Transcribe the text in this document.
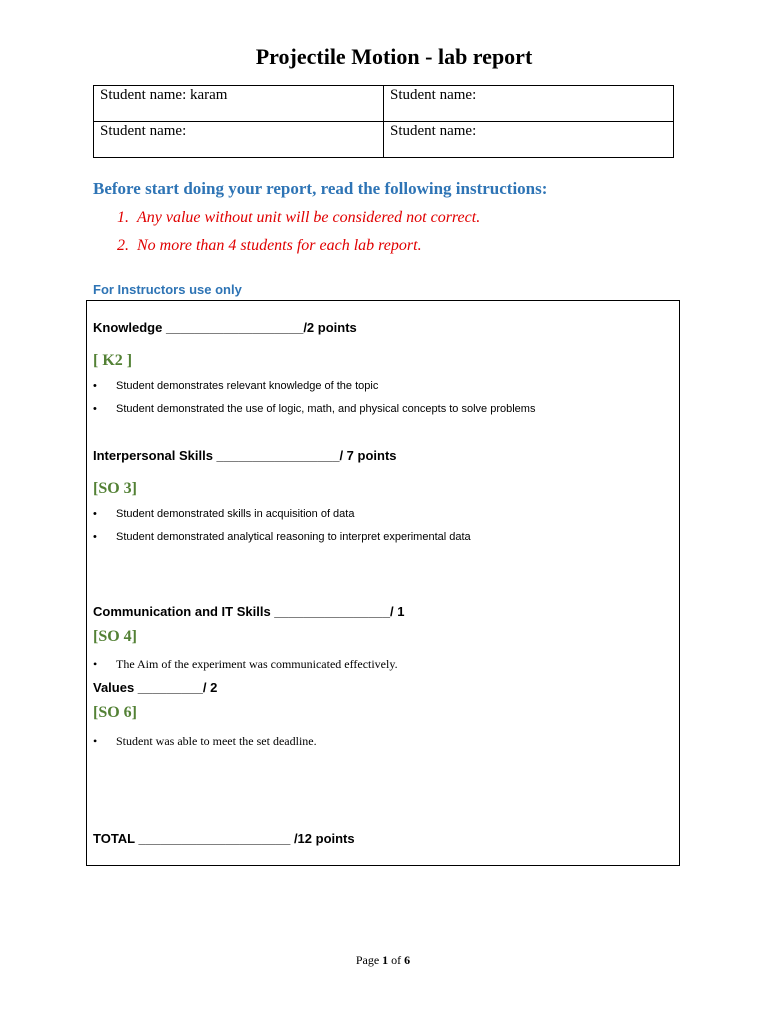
Projectile Motion - lab report
Student name: karam	Student name:
Student name:	Student name:
Before start doing your report, read the following instructions:
1. Any value without unit will be considered not correct.
2. No more than 4 students for each lab report.
For Instructors use only
Knowledge ___________________/2 points
[ K2 ]
• Student demonstrates relevant knowledge of the topic
• Student demonstrated the use of logic, math, and physical concepts to solve problems
Interpersonal Skills _________________/ 7 points
[SO 3]
• Student demonstrated skills in acquisition of data
• Student demonstrated analytical reasoning to interpret experimental data
Communication and IT Skills ________________/ 1
[SO 4]
• The Aim of the experiment was communicated effectively.
Values _________/ 2
[SO 6]
• Student was able to meet the set deadline.
TOTAL _____________________ /12 points
Page 1 of 6
